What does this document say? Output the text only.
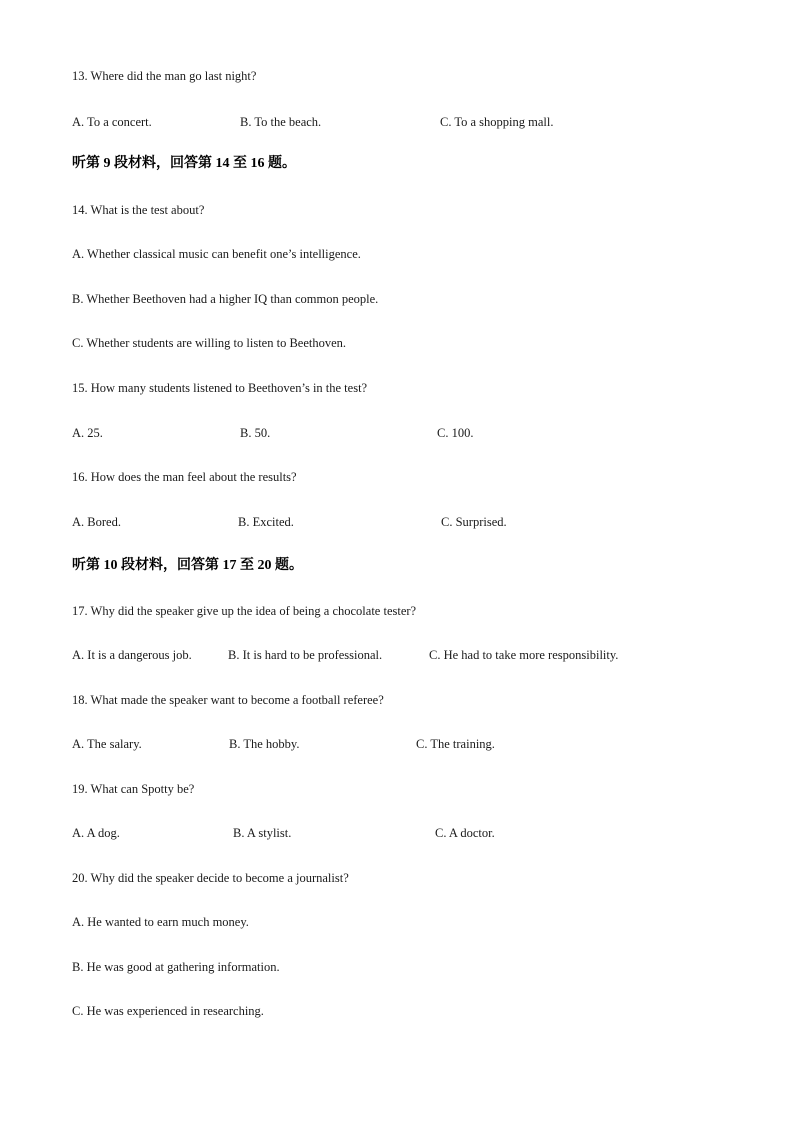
13. Where did the man go last night?
A. To a concert.	B. To the beach.	C. To a shopping mall.
听第 9 段材料，回答第 14 至 16 题。
14. What is the test about?
A. Whether classical music can benefit one’s intelligence.
B. Whether Beethoven had a higher IQ than common people.
C. Whether students are willing to listen to Beethoven.
15. How many students listened to Beethoven’s in the test?
A. 25.	B. 50.	C. 100.
16. How does the man feel about the results?
A. Bored.	B. Excited.	C. Surprised.
听第 10 段材料，回答第 17 至 20 题。
17. Why did the speaker give up the idea of being a chocolate tester?
A. It is a dangerous job.	B. It is hard to be professional.	C. He had to take more responsibility.
18. What made the speaker want to become a football referee?
A. The salary.	B. The hobby.	C. The training.
19. What can Spotty be?
A. A dog.	B. A stylist.	C. A doctor.
20. Why did the speaker decide to become a journalist?
A. He wanted to earn much money.
B. He was good at gathering information.
C. He was experienced in researching.
